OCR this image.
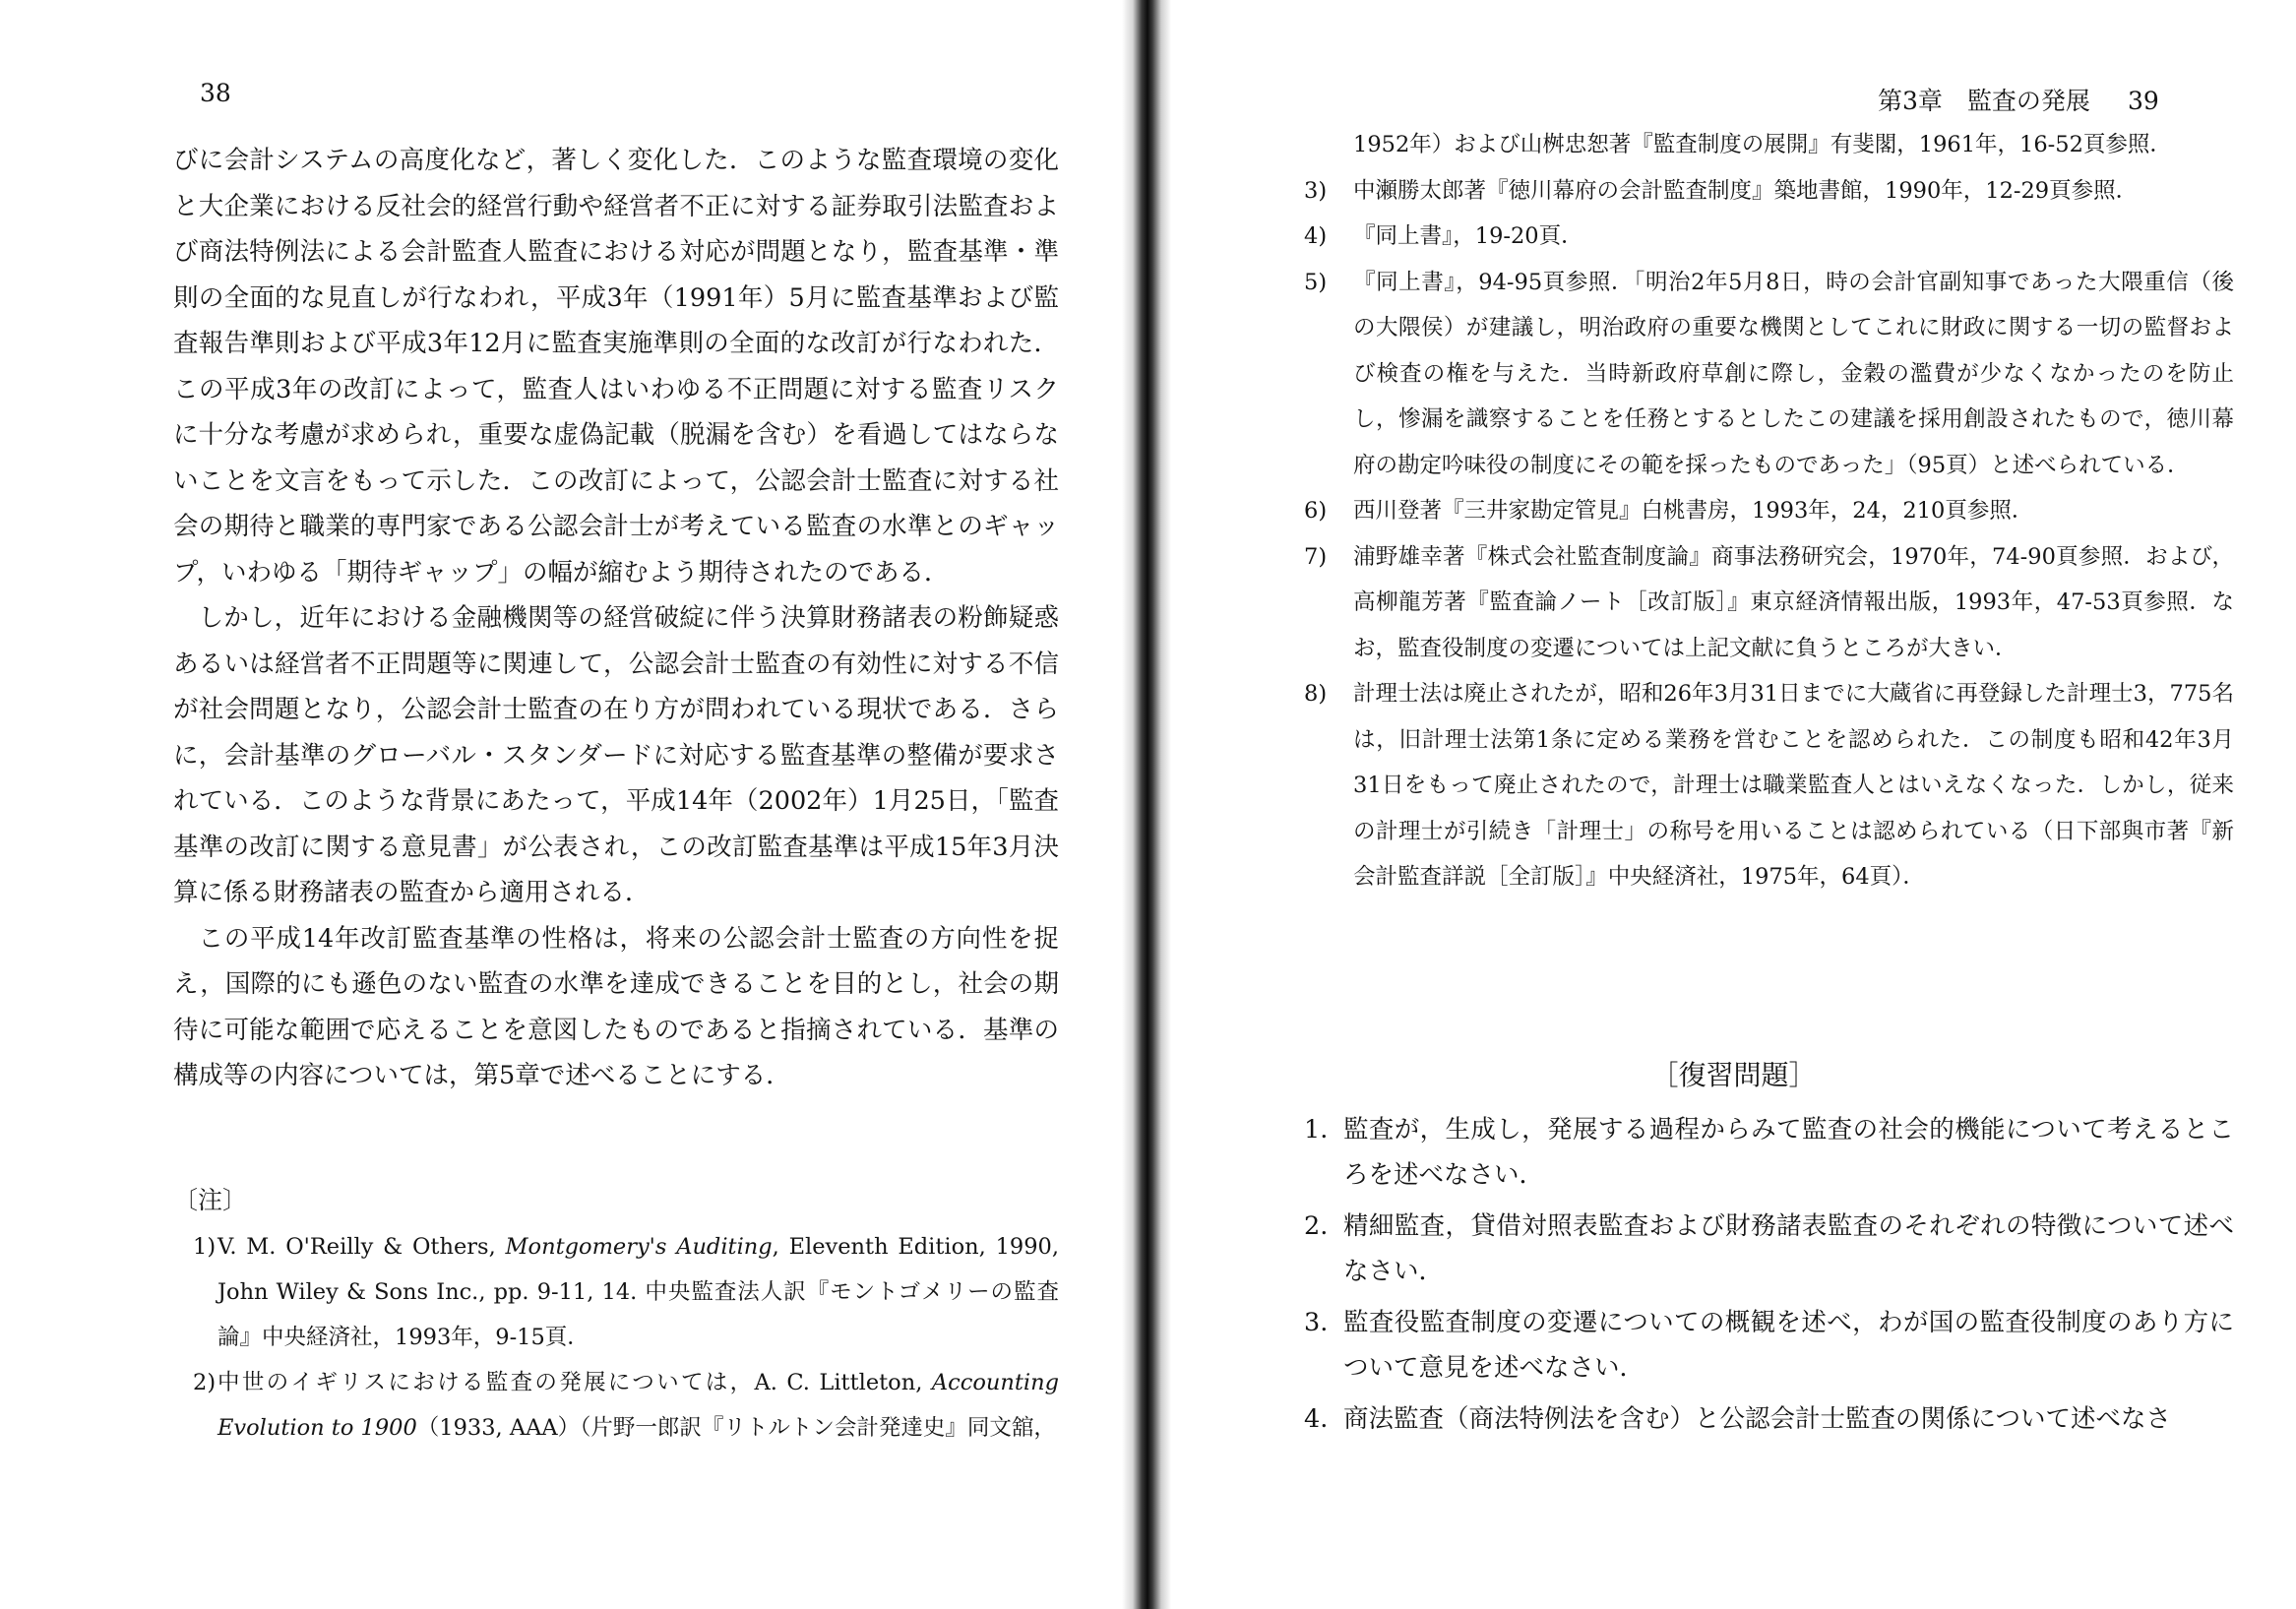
38

びに会計システムの高度化など，著しく変化した．このような監査環境の変化と大企業における反社会的経営行動や経営者不正に対する証券取引法監査および商法特例法による会計監査人監査における対応が問題となり，監査基準・準則の全面的な見直しが行なわれ，平成3年（1991年）5月に監査基準および監査報告準則および平成3年12月に監査実施準則の全面的な改訂が行なわれた．この平成3年の改訂によって，監査人はいわゆる不正問題に対する監査リスクに十分な考慮が求められ，重要な虚偽記載（脱漏を含む）を看過してはならないことを文言をもって示した．この改訂によって，公認会計士監査に対する社会の期待と職業的専門家である公認会計士が考えている監査の水準とのギャップ，いわゆる「期待ギャップ」の幅が縮むよう期待されたのである．

しかし，近年における金融機関等の経営破綻に伴う決算財務諸表の粉飾疑惑あるいは経営者不正問題等に関連して，公認会計士監査の有効性に対する不信が社会問題となり，公認会計士監査の在り方が問われている現状である．さらに，会計基準のグローバル・スタンダードに対応する監査基準の整備が要求されている．このような背景にあたって，平成14年（2002年）1月25日，「監査基準の改訂に関する意見書」が公表され，この改訂監査基準は平成15年3月決算に係る財務諸表の監査から適用される．

この平成14年改訂監査基準の性格は，将来の公認会計士監査の方向性を捉え，国際的にも遜色のない監査の水準を達成できることを目的とし，社会の期待に可能な範囲で応えることを意図したものであると指摘されている．基準の構成等の内容については，第5章で述べることにする．

〔注〕

1) V. M. O'Reilly & Others, Montgomery's Auditing, Eleventh Edition, 1990, John Wiley & Sons Inc., pp. 9-11, 14. 中央監査法人訳『モントゴメリーの監査論』中央経済社，1993年，9-15頁．

2) 中世のイギリスにおける監査の発展については，A. C. Littleton, Accounting Evolution to 1900（1933, AAA）（片野一郎訳『リトルトン会計発達史』同文舘，

第3章　監査の発展 39

1952年）および山桝忠恕著『監査制度の展開』有斐閣，1961年，16-52頁参照．

3) 中瀬勝太郎著『徳川幕府の会計監査制度』築地書館，1990年，12-29頁参照．

4) 『同上書』，19-20頁．

5) 『同上書』，94-95頁参照．「明治2年5月8日，時の会計官副知事であった大隈重信（後の大隈侯）が建議し，明治政府の重要な機関としてこれに財政に関する一切の監督および検査の権を与えた．当時新政府草創に際し，金穀の濫費が少なくなかったのを防止し，惨漏を識察することを任務とするとしたこの建議を採用創設されたもので，徳川幕府の勘定吟味役の制度にその範を採ったものであった」（95頁）と述べられている．

6) 西川登著『三井家勘定管見』白桃書房，1993年，24，210頁参照．

7) 浦野雄幸著『株式会社監査制度論』商事法務研究会，1970年，74-90頁参照．および，高柳龍芳著『監査論ノート［改訂版］』東京経済情報出版，1993年，47-53頁参照．なお，監査役制度の変遷については上記文献に負うところが大きい．

8) 計理士法は廃止されたが，昭和26年3月31日までに大蔵省に再登録した計理士3，775名は，旧計理士法第1条に定める業務を営むことを認められた．この制度も昭和42年3月31日をもって廃止されたので，計理士は職業監査人とはいえなくなった．しかし，従来の計理士が引続き「計理士」の称号を用いることは認められている（日下部與市著『新会計監査詳説［全訂版］』中央経済社，1975年，64頁）．

［復習問題］

1. 監査が，生成し，発展する過程からみて監査の社会的機能について考えるところを述べなさい．

2. 精細監査，貸借対照表監査および財務諸表監査のそれぞれの特徴について述べなさい．

3. 監査役監査制度の変遷についての概観を述べ，わが国の監査役制度のあり方について意見を述べなさい．

4. 商法監査（商法特例法を含む）と公認会計士監査の関係について述べなさ
